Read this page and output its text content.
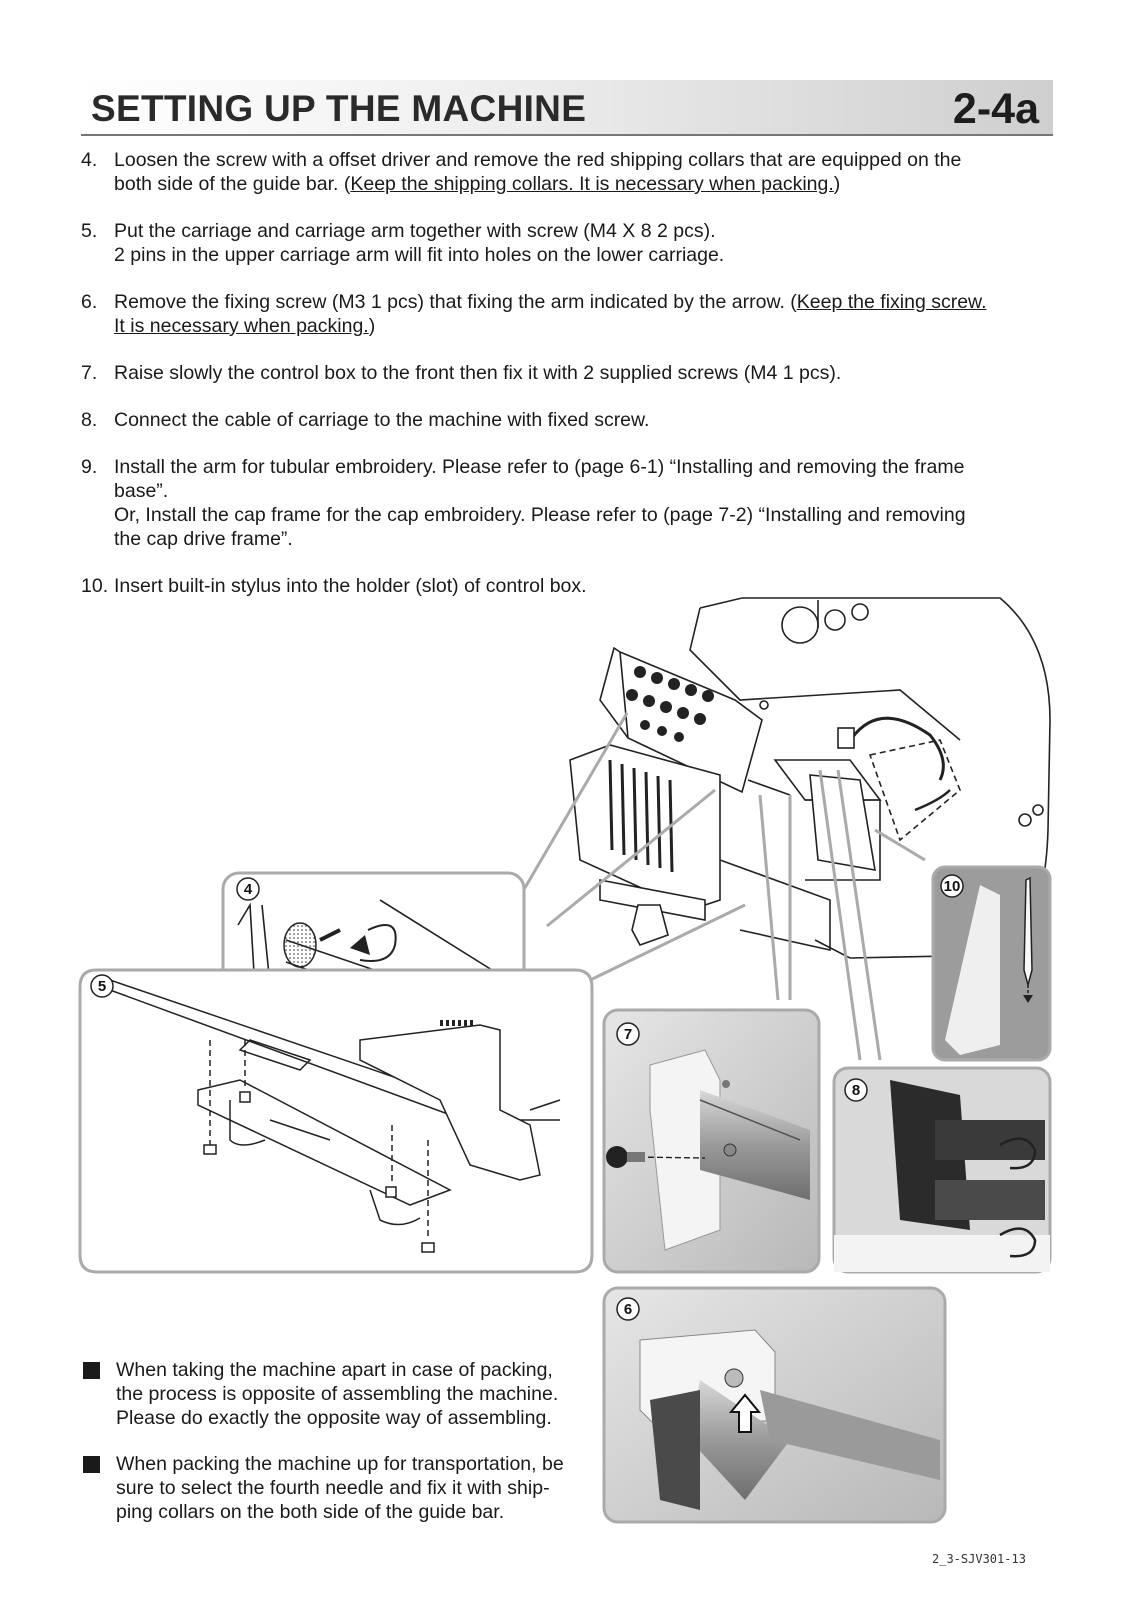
SETTING UP THE MACHINE	2-4a
4. Loosen the screw with a offset driver and remove the red shipping collars that are equipped on the

both side of the guide bar. (Keep the shipping collars. It is necessary when packing.)

5. Put the carriage and carriage arm together with screw (M4 X 8 2 pcs).

2 pins in the upper carriage arm will fit into holes on the lower carriage.

6. Remove the fixing screw (M3 1 pcs) that fixing the arm indicated by the arrow. (Keep the fixing screw.

It is necessary when packing.)

7. Raise slowly the control box to the front then fix it with 2 supplied screws (M4 1 pcs).

8. Connect the cable of carriage to the machine with fixed screw.

9. Install the arm for tubular embroidery. Please refer to (page 6-1) “Installing and removing the frame

base”.

Or, Install the cap frame for the cap embroidery. Please refer to (page 7-2) “Installing and removing

the cap drive frame”.

10. Insert built-in stylus into the holder (slot) of control box.

4
5
7
8
10
6
When taking the machine apart in case of packing,
the process is opposite of assembling the machine.
Please do exactly the opposite way of assembling.
When packing the machine up for transportation, be
sure to select the fourth needle and fix it with ship-
ping collars on the both side of the guide bar.
2_3-SJV301-13
